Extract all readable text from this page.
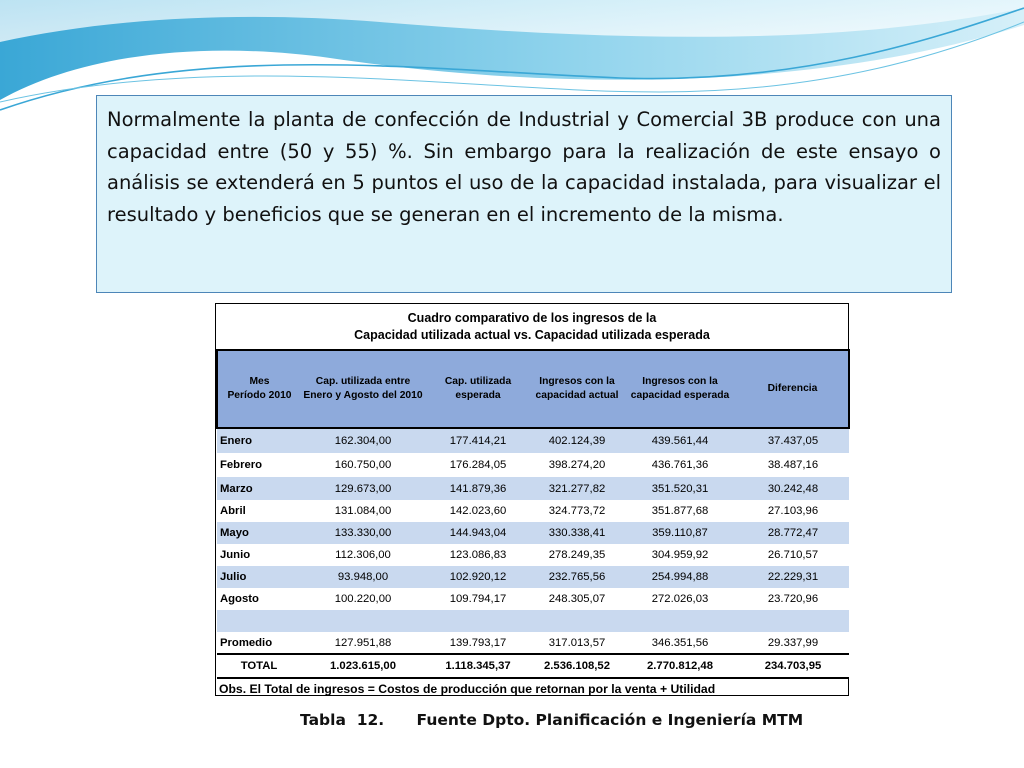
Normalmente la planta de confección de Industrial y Comercial 3B produce con una capacidad entre (50 y 55) %. Sin embargo para la realización de este ensayo o análisis se extenderá en 5 puntos el uso de la capacidad instalada, para visualizar el resultado y beneficios que se generan en el incremento de la misma.

Cuadro comparativo de los ingresos de la
Capacidad utilizada actual vs. Capacidad utilizada esperada
Mes
Período 2010	Cap. utilizada entre Enero y Agosto del 2010	Cap. utilizada esperada	Ingresos con la capacidad actual	Ingresos con la capacidad esperada	Diferencia
Enero	162.304,00	177.414,21	402.124,39	439.561,44	37.437,05
Febrero	160.750,00	176.284,05	398.274,20	436.761,36	38.487,16
Marzo	129.673,00	141.879,36	321.277,82	351.520,31	30.242,48
Abril	131.084,00	142.023,60	324.773,72	351.877,68	27.103,96
Mayo	133.330,00	144.943,04	330.338,41	359.110,87	28.772,47
Junio	112.306,00	123.086,83	278.249,35	304.959,92	26.710,57
Julio	93.948,00	102.920,12	232.765,56	254.994,88	22.229,31
Agosto	100.220,00	109.794,17	248.305,07	272.026,03	23.720,96

Promedio	127.951,88	139.793,17	317.013,57	346.351,56	29.337,99
TOTAL	1.023.615,00	1.118.345,37	2.536.108,52	2.770.812,48	234.703,95
Obs. El Total de ingresos = Costos de producción que retornan por la venta + Utilidad
Tabla  12.      Fuente Dpto. Planificación e Ingeniería MTM
